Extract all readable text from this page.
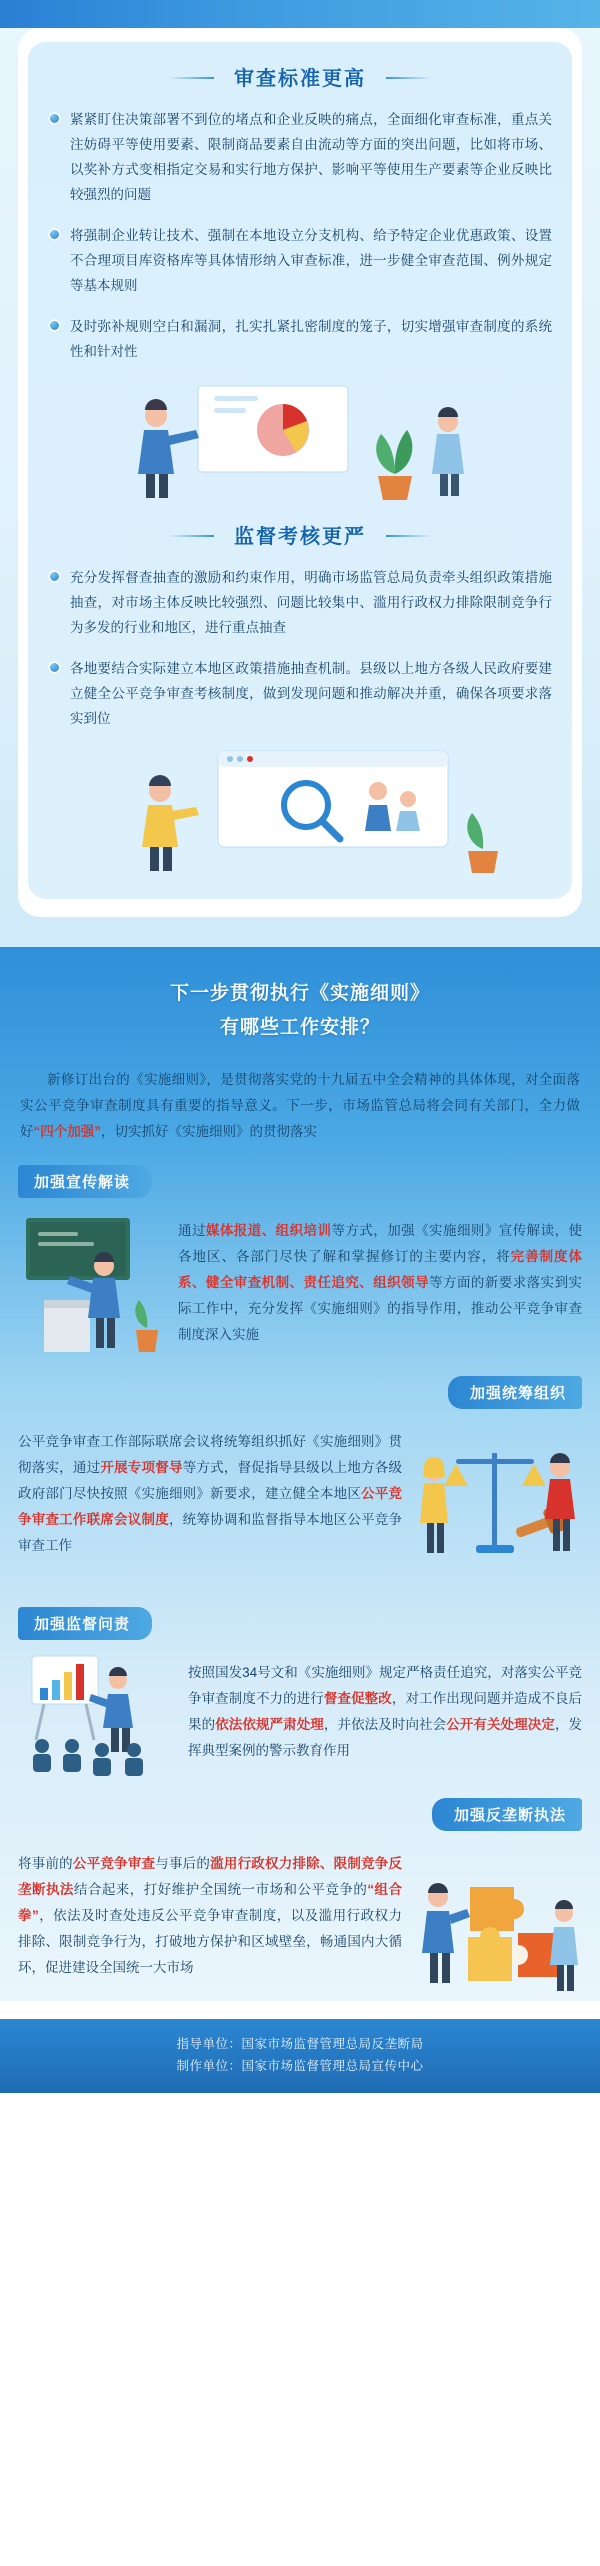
审查标准更高
紧紧盯住决策部署不到位的堵点和企业反映的痛点，全面细化审查标准，重点关注妨碍平等使用要素、限制商品要素自由流动等方面的突出问题，比如将市场、以奖补方式变相指定交易和实行地方保护、影响平等使用生产要素等企业反映比较强烈的问题
将强制企业转让技术、强制在本地设立分支机构、给予特定企业优惠政策、设置不合理项目库资格库等具体情形纳入审查标准，进一步健全审查范围、例外规定等基本规则
及时弥补规则空白和漏洞，扎实扎紧扎密制度的笼子，切实增强审查制度的系统性和针对性
监督考核更严
充分发挥督查抽查的激励和约束作用，明确市场监管总局负责牵头组织政策措施抽查，对市场主体反映比较强烈、问题比较集中、滥用行政权力排除限制竞争行为多发的行业和地区，进行重点抽查
各地要结合实际建立本地区政策措施抽查机制。县级以上地方各级人民政府要建立健全公平竞争审查考核制度，做到发现问题和推动解决并重，确保各项要求落实到位
下一步贯彻执行《实施细则》
有哪些工作安排？

新修订出台的《实施细则》，是贯彻落实党的十九届五中全会精神的具体体现，对全面落实公平竞争审查制度具有重要的指导意义。下一步，市场监管总局将会同有关部门，全力做好“四个加强”，切实抓好《实施细则》的贯彻落实

加强宣传解读

通过媒体报道、组织培训等方式，加强《实施细则》宣传解读，使各地区、各部门尽快了解和掌握修订的主要内容，将完善制度体系、健全审查机制、责任追究、组织领导等方面的新要求落实到实际工作中，充分发挥《实施细则》的指导作用，推动公平竞争审查制度深入实施

加强统筹组织

公平竞争审查工作部际联席会议将统筹组织抓好《实施细则》贯彻落实，通过开展专项督导等方式，督促指导县级以上地方各级政府部门尽快按照《实施细则》新要求，建立健全本地区公平竞争审查工作联席会议制度，统筹协调和监督指导本地区公平竞争审查工作

加强监督问责

按照国发34号文和《实施细则》规定严格责任追究，对落实公平竞争审查制度不力的进行督查促整改，对工作出现问题并造成不良后果的依法依规严肃处理，并依法及时向社会公开有关处理决定，发挥典型案例的警示教育作用

加强反垄断执法

将事前的公平竞争审查与事后的滥用行政权力排除、限制竞争反垄断执法结合起来，打好维护全国统一市场和公平竞争的“组合拳”，依法及时查处违反公平竞争审查制度，以及滥用行政权力排除、限制竞争行为，打破地方保护和区域壁垒，畅通国内大循环，促进建设全国统一大市场

指导单位：国家市场监督管理总局反垄断局
制作单位：国家市场监督管理总局宣传中心
